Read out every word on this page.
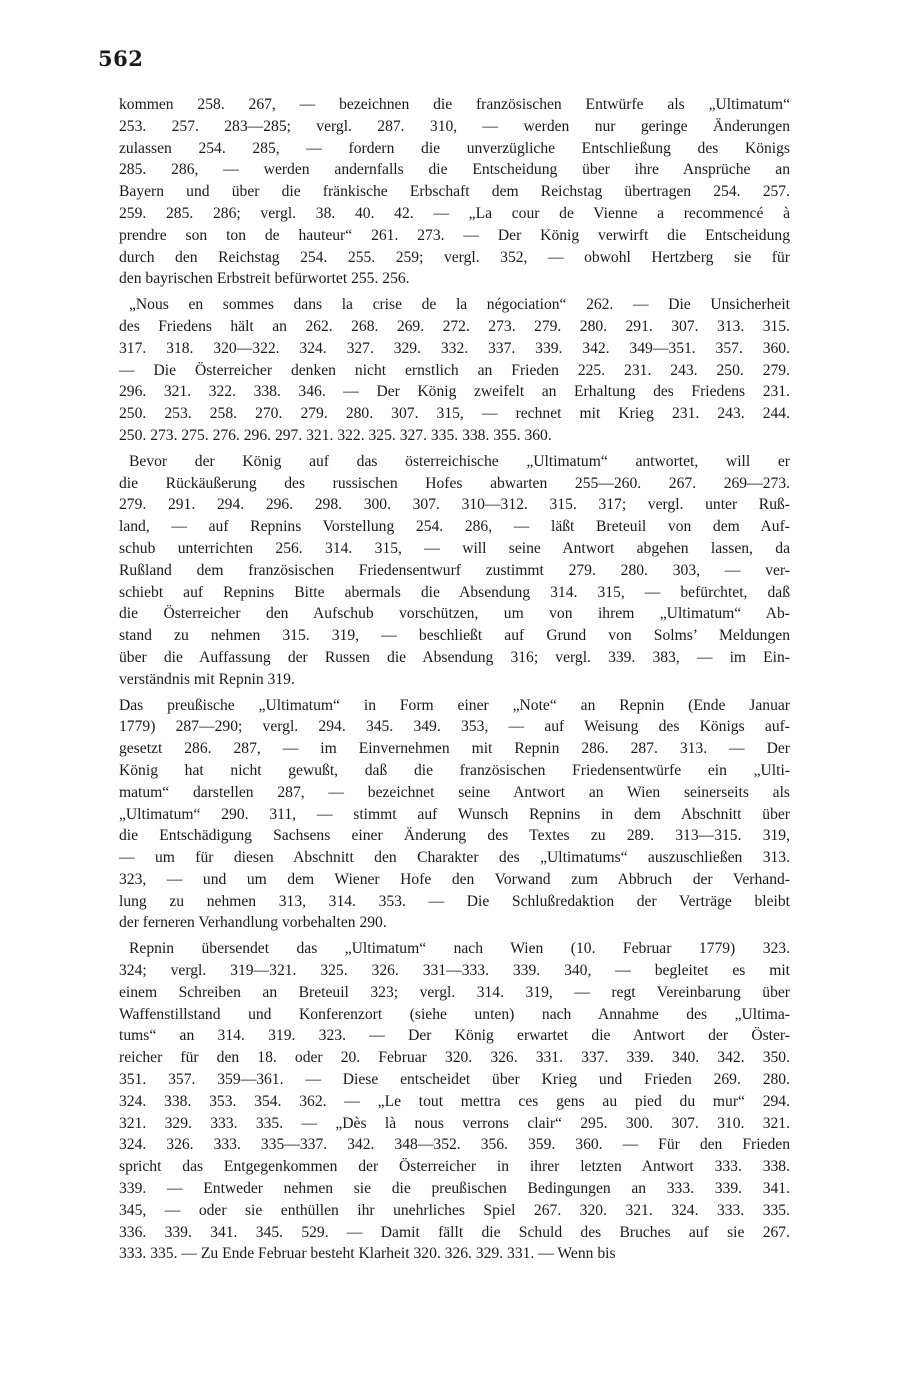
562
kommen 258. 267, — bezeichnen die französischen Entwürfe als „Ultimatum“
253. 257. 283—285; vergl. 287. 310, — werden nur geringe Änderungen
zulassen 254. 285, — fordern die unverzügliche Entschließung des Königs
285. 286, — werden andernfalls die Entscheidung über ihre Ansprüche an
Bayern und über die fränkische Erbschaft dem Reichstag übertragen 254. 257.
259. 285. 286; vergl. 38. 40. 42. — „La cour de Vienne a recommencé à
prendre son ton de hauteur“ 261. 273. — Der König verwirft die Entscheidung
durch den Reichstag 254. 255. 259; vergl. 352, — obwohl Hertzberg sie für
den bayrischen Erbstreit befürwortet 255. 256.
„Nous en sommes dans la crise de la négociation“ 262. — Die Unsicherheit
des Friedens hält an 262. 268. 269. 272. 273. 279. 280. 291. 307. 313. 315.
317. 318. 320—322. 324. 327. 329. 332. 337. 339. 342. 349—351. 357. 360.
— Die Österreicher denken nicht ernstlich an Frieden 225. 231. 243. 250. 279.
296. 321. 322. 338. 346. — Der König zweifelt an Erhaltung des Friedens 231.
250. 253. 258. 270. 279. 280. 307. 315, — rechnet mit Krieg 231. 243. 244.
250. 273. 275. 276. 296. 297. 321. 322. 325. 327. 335. 338. 355. 360.
Bevor der König auf das österreichische „Ultimatum“ antwortet, will er
die Rückäußerung des russischen Hofes abwarten 255—260. 267. 269—273.
279. 291. 294. 296. 298. 300. 307. 310—312. 315. 317; vergl. unter Ruß-
land, — auf Repnins Vorstellung 254. 286, — läßt Breteuil von dem Auf-
schub unterrichten 256. 314. 315, — will seine Antwort abgehen lassen, da
Rußland dem französischen Friedensentwurf zustimmt 279. 280. 303, — ver-
schiebt auf Repnins Bitte abermals die Absendung 314. 315, — befürchtet, daß
die Österreicher den Aufschub vorschützen, um von ihrem „Ultimatum“ Ab-
stand zu nehmen 315. 319, — beschließt auf Grund von Solms’ Meldungen
über die Auffassung der Russen die Absendung 316; vergl. 339. 383, — im Ein-
verständnis mit Repnin 319.
Das preußische „Ultimatum“ in Form einer „Note“ an Repnin (Ende Januar
1779) 287—290; vergl. 294. 345. 349. 353, — auf Weisung des Königs auf-
gesetzt 286. 287, — im Einvernehmen mit Repnin 286. 287. 313. — Der
König hat nicht gewußt, daß die französischen Friedensentwürfe ein „Ulti-
matum“ darstellen 287, — bezeichnet seine Antwort an Wien seinerseits als
„Ultimatum“ 290. 311, — stimmt auf Wunsch Repnins in dem Abschnitt über
die Entschädigung Sachsens einer Änderung des Textes zu 289. 313—315. 319,
— um für diesen Abschnitt den Charakter des „Ultimatums“ auszuschließen 313.
323, — und um dem Wiener Hofe den Vorwand zum Abbruch der Verhand-
lung zu nehmen 313, 314. 353. — Die Schlußredaktion der Verträge bleibt
der ferneren Verhandlung vorbehalten 290.
Repnin übersendet das „Ultimatum“ nach Wien (10. Februar 1779) 323.
324; vergl. 319—321. 325. 326. 331—333. 339. 340, — begleitet es mit
einem Schreiben an Breteuil 323; vergl. 314. 319, — regt Vereinbarung über
Waffenstillstand und Konferenzort (siehe unten) nach Annahme des „Ultima-
tums“ an 314. 319. 323. — Der König erwartet die Antwort der Öster-
reicher für den 18. oder 20. Februar 320. 326. 331. 337. 339. 340. 342. 350.
351. 357. 359—361. — Diese entscheidet über Krieg und Frieden 269. 280.
324. 338. 353. 354. 362. — „Le tout mettra ces gens au pied du mur“ 294.
321. 329. 333. 335. — „Dès là nous verrons clair“ 295. 300. 307. 310. 321.
324. 326. 333. 335—337. 342. 348—352. 356. 359. 360. — Für den Frieden
spricht das Entgegenkommen der Österreicher in ihrer letzten Antwort 333. 338.
339. — Entweder nehmen sie die preußischen Bedingungen an 333. 339. 341.
345, — oder sie enthüllen ihr unehrliches Spiel 267. 320. 321. 324. 333. 335.
336. 339. 341. 345. 529. — Damit fällt die Schuld des Bruches auf sie 267.
333. 335. — Zu Ende Februar besteht Klarheit 320. 326. 329. 331. — Wenn bis
